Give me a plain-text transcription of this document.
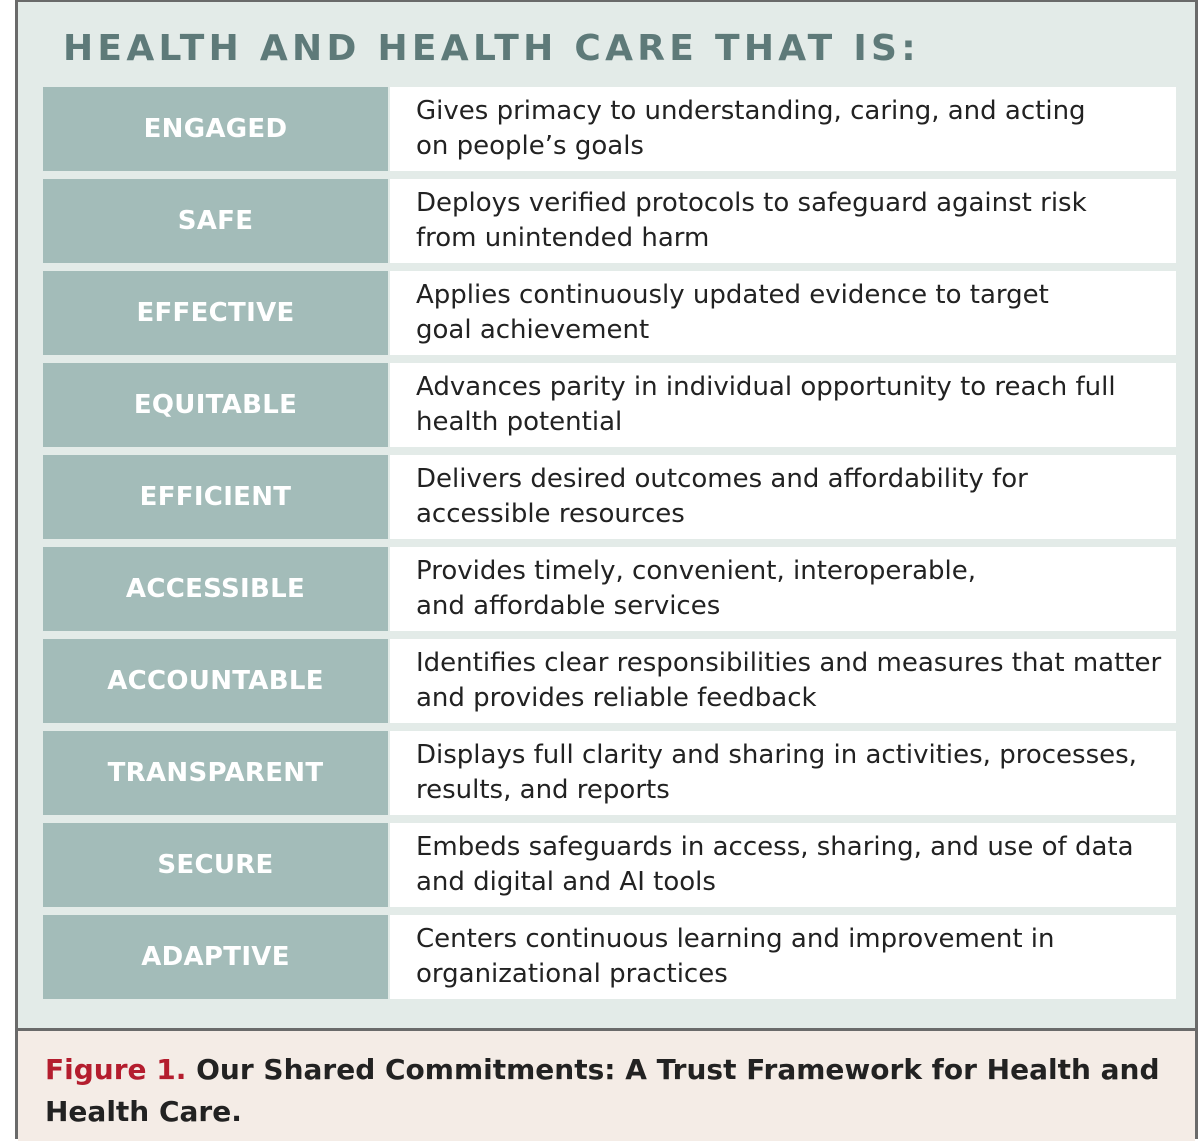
HEALTH AND HEALTH CARE THAT IS:
ENGAGED
Gives primacy to understanding, caring, and acting
on people’s goals
SAFE
Deploys verified protocols to safeguard against risk
from unintended harm
EFFECTIVE
Applies continuously updated evidence to target
goal achievement
EQUITABLE
Advances parity in individual opportunity to reach full
health potential
EFFICIENT
Delivers desired outcomes and affordability for
accessible resources
ACCESSIBLE
Provides timely, convenient, interoperable,
and affordable services
ACCOUNTABLE
Identifies clear responsibilities and measures that matter
and provides reliable feedback
TRANSPARENT
Displays full clarity and sharing in activities, processes,
results, and reports
SECURE
Embeds safeguards in access, sharing, and use of data
and digital and AI tools
ADAPTIVE
Centers continuous learning and improvement in
organizational practices

Figure 1. Our Shared Commitments: A Trust Framework for Health and Health Care.
